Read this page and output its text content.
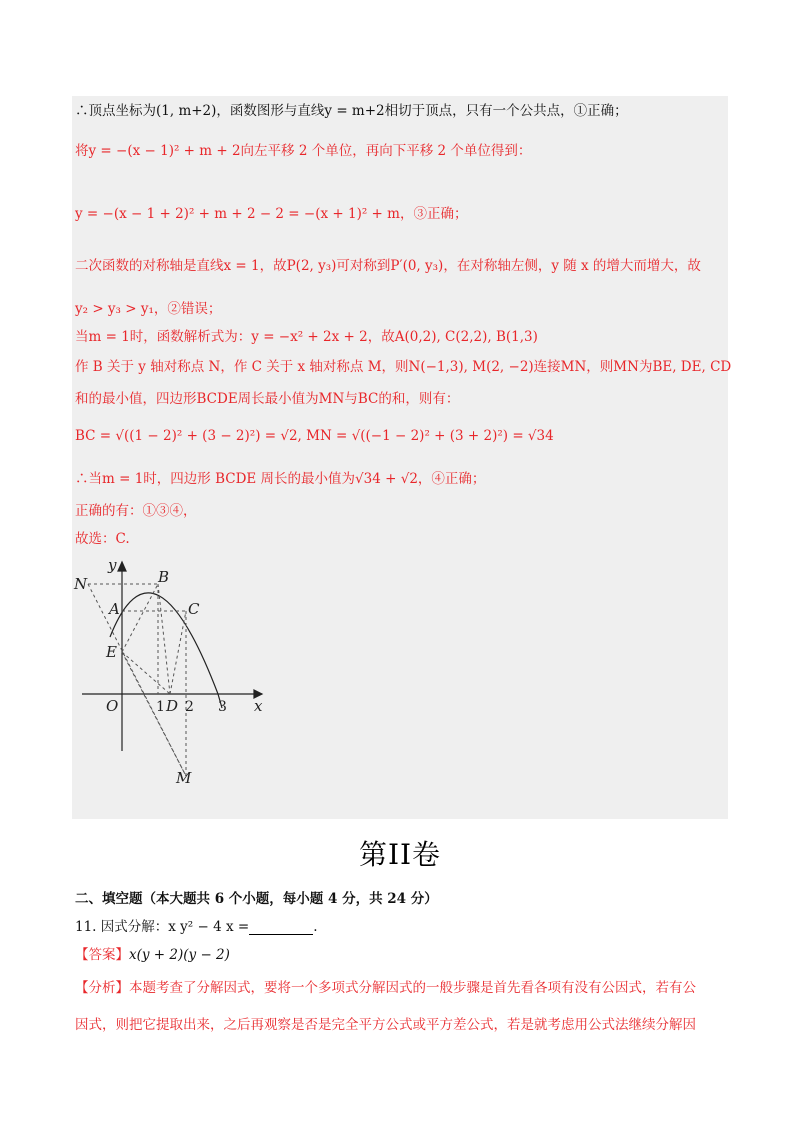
∴顶点坐标为(1, m+2)，函数图形与直线y = m+2相切于顶点，只有一个公共点，①正确；
将y = −(x − 1)² + m + 2向左平移 2 个单位，再向下平移 2 个单位得到：
y = −(x − 1 + 2)² + m + 2 − 2 = −(x + 1)² + m，③正确；
二次函数的对称轴是直线x = 1，故P(2, y₃)可对称到P′(0, y₃)，在对称轴左侧，y 随 x 的增大而增大，故
y₂ > y₃ > y₁，②错误；
当m = 1时，函数解析式为：y = −x² + 2x + 2，故A(0,2), C(2,2), B(1,3)
作 B 关于 y 轴对称点 N，作 C 关于 x 轴对称点 M，则N(−1,3), M(2, −2)连接MN，则MN为BE, DE, CD
和的最小值，四边形BCDE周长最小值为MN与BC的和，则有：
BC = √((1 − 2)² + (3 − 2)²) = √2, MN = √((−1 − 2)² + (3 + 2)²) = √34
∴当m = 1时，四边形 BCDE 周长的最小值为√34 + √2，④正确；
正确的有：①③④，
故选：C.
y
N	B
A	C
E
O	D	x
M
1 2 3
第II卷
二、填空题（本大题共 6 个小题，每小题 4 分，共 24 分）
11. 因式分解：x y² − 4 x =	.
【答案】x(y + 2)(y − 2)
【分析】本题考查了分解因式，要将一个多项式分解因式的一般步骤是首先看各项有没有公因式，若有公
因式，则把它提取出来，之后再观察是否是完全平方公式或平方差公式，若是就考虑用公式法继续分解因
